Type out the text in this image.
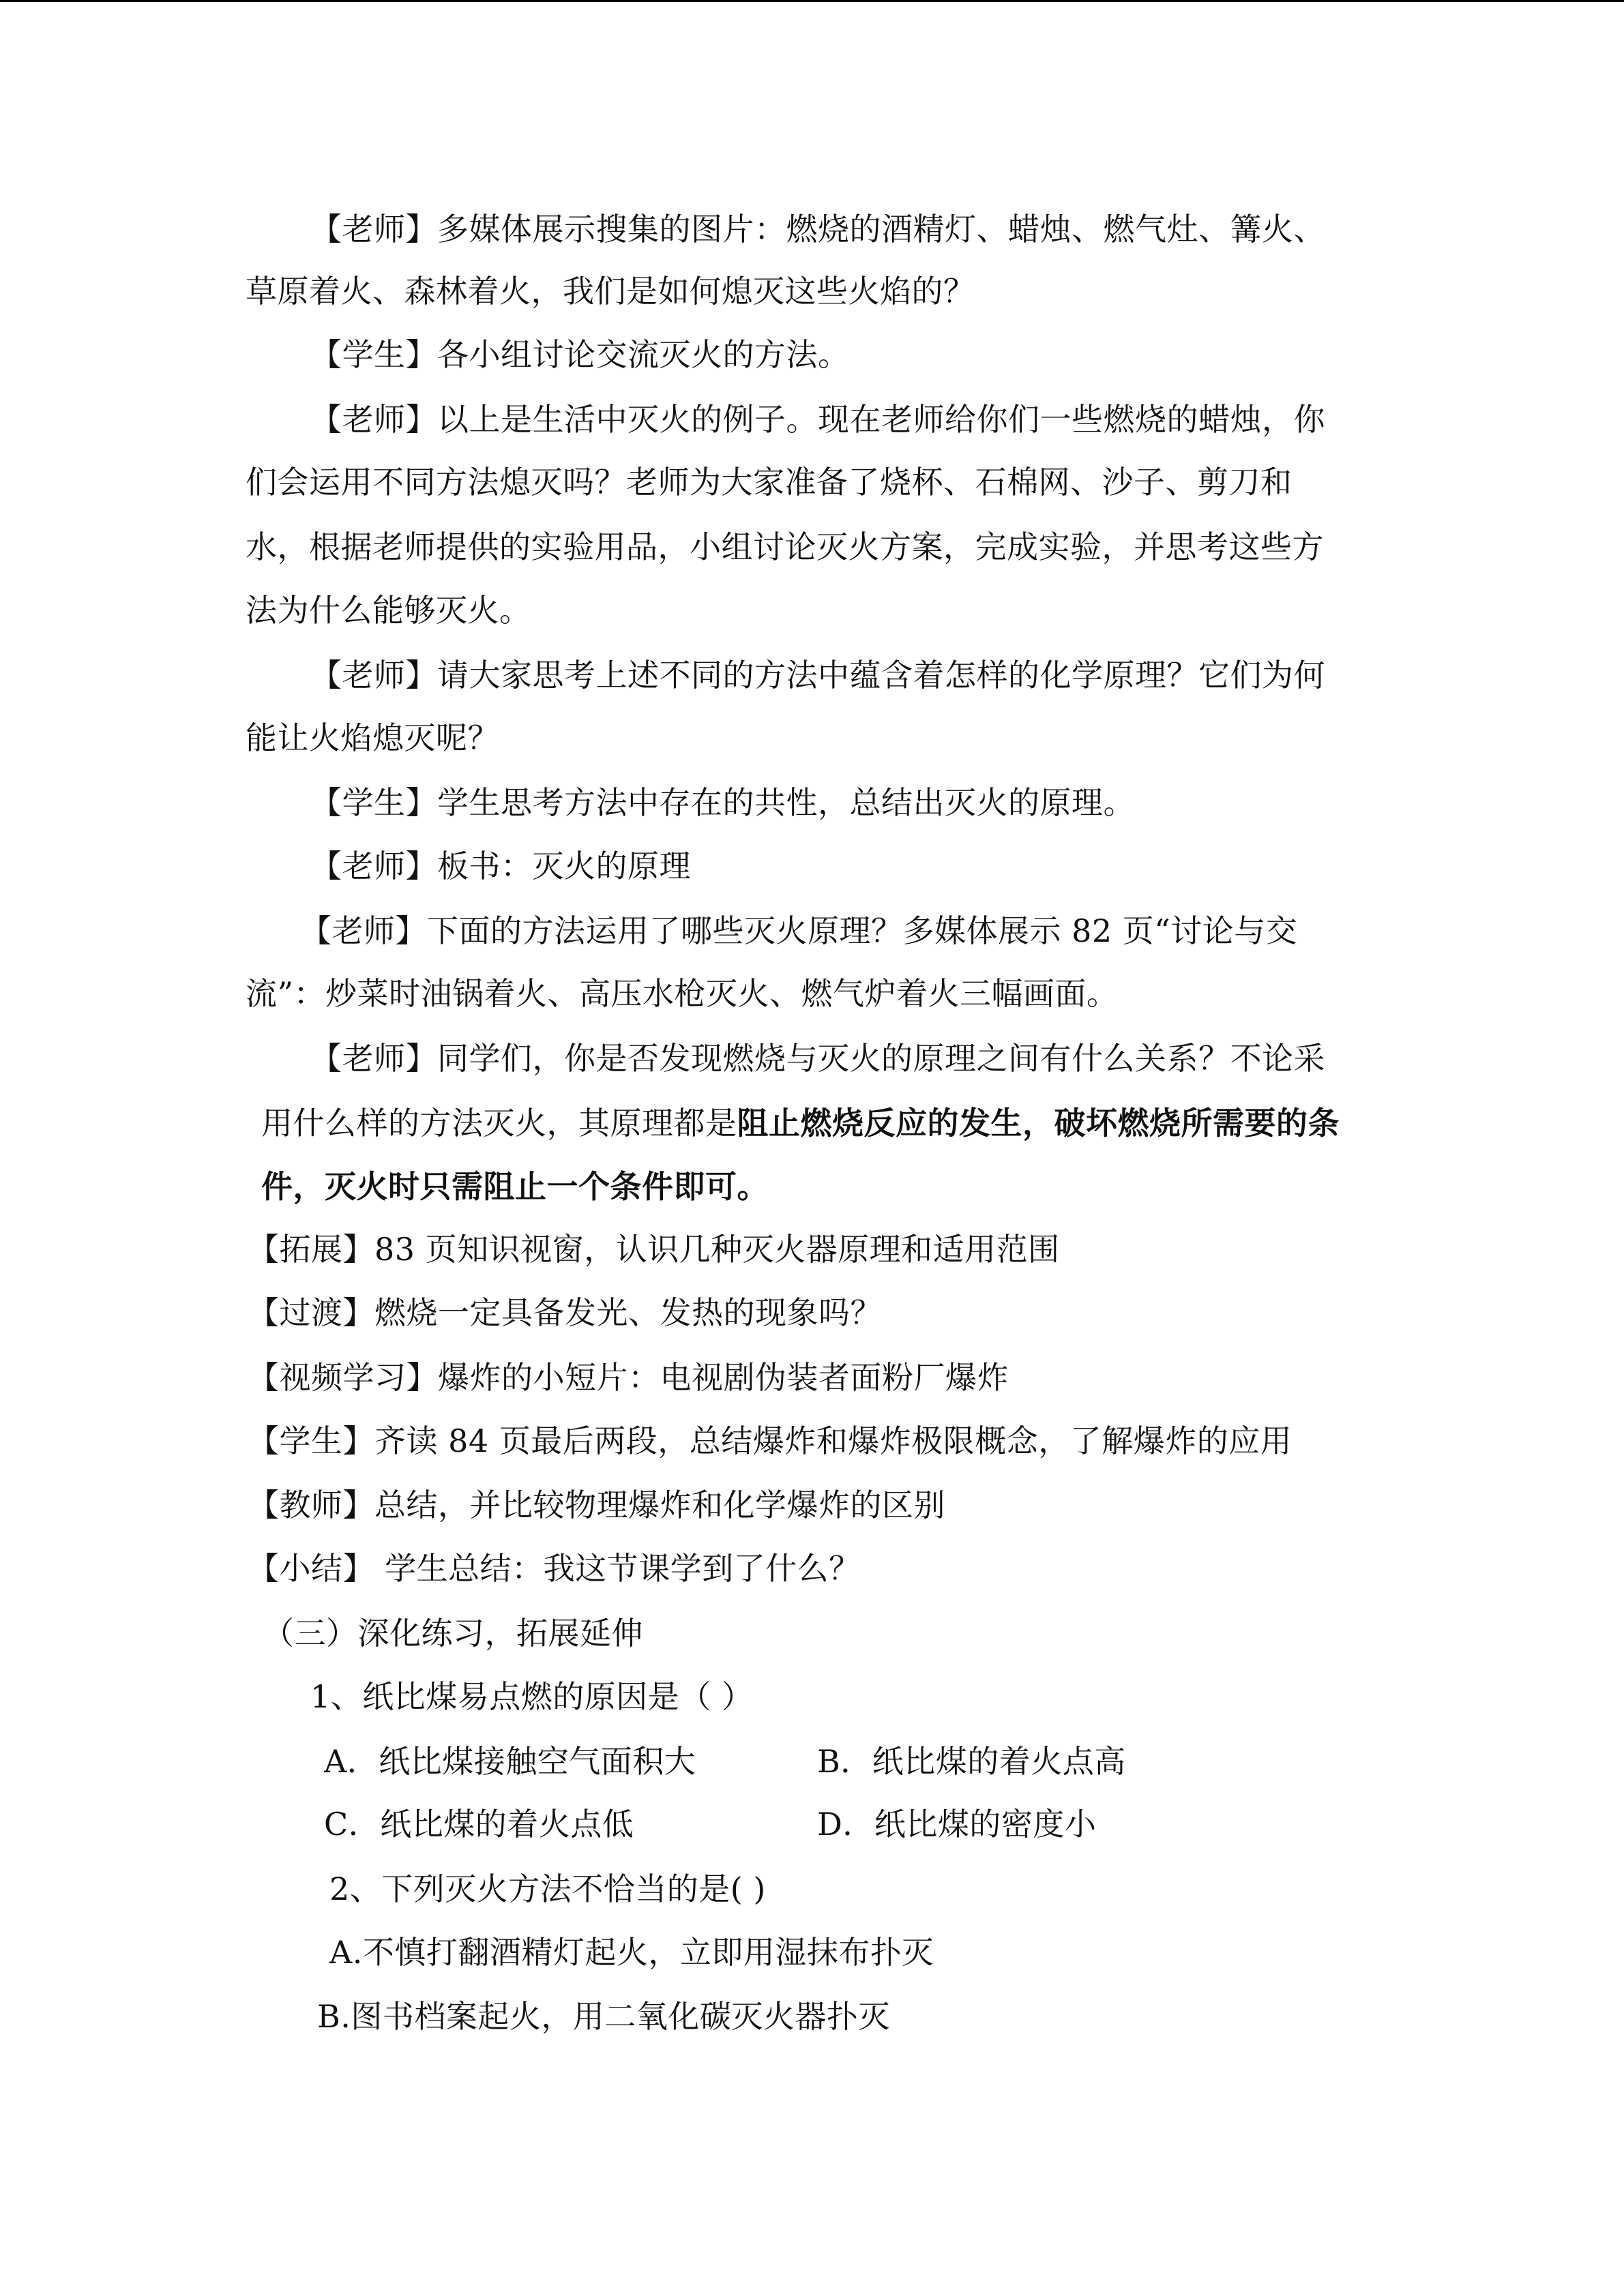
【老师】多媒体展示搜集的图片：燃烧的酒精灯、蜡烛、燃气灶、篝火、
草原着火、森林着火，我们是如何熄灭这些火焰的？
【学生】各小组讨论交流灭火的方法。
【老师】以上是生活中灭火的例子。现在老师给你们一些燃烧的蜡烛，你
们会运用不同方法熄灭吗？老师为大家准备了烧杯、石棉网、沙子、剪刀和
水，根据老师提供的实验用品，小组讨论灭火方案，完成实验，并思考这些方
法为什么能够灭火。
【老师】请大家思考上述不同的方法中蕴含着怎样的化学原理？它们为何
能让火焰熄灭呢？
【学生】学生思考方法中存在的共性，总结出灭火的原理。
【老师】板书：灭火的原理
【老师】下面的方法运用了哪些灭火原理？多媒体展示 82 页“讨论与交
流”：炒菜时油锅着火、高压水枪灭火、燃气炉着火三幅画面。
【老师】同学们，你是否发现燃烧与灭火的原理之间有什么关系？不论采
用什么样的方法灭火，其原理都是阻止燃烧反应的发生，破坏燃烧所需要的条
件，灭火时只需阻止一个条件即可。
【拓展】83 页知识视窗，认识几种灭火器原理和适用范围
【过渡】燃烧一定具备发光、发热的现象吗？
【视频学习】爆炸的小短片：电视剧伪装者面粉厂爆炸
【学生】齐读 84 页最后两段，总结爆炸和爆炸极限概念，了解爆炸的应用
【教师】总结，并比较物理爆炸和化学爆炸的区别
【小结】 学生总结：我这节课学到了什么？
（三）深化练习，拓展延伸
1、纸比煤易点燃的原因是（ ）
A．纸比煤接触空气面积大	B．纸比煤的着火点高
C．纸比煤的着火点低	D．纸比煤的密度小
2、下列灭火方法不恰当的是( )
A.不慎打翻酒精灯起火，立即用湿抹布扑灭
B.图书档案起火，用二氧化碳灭火器扑灭
